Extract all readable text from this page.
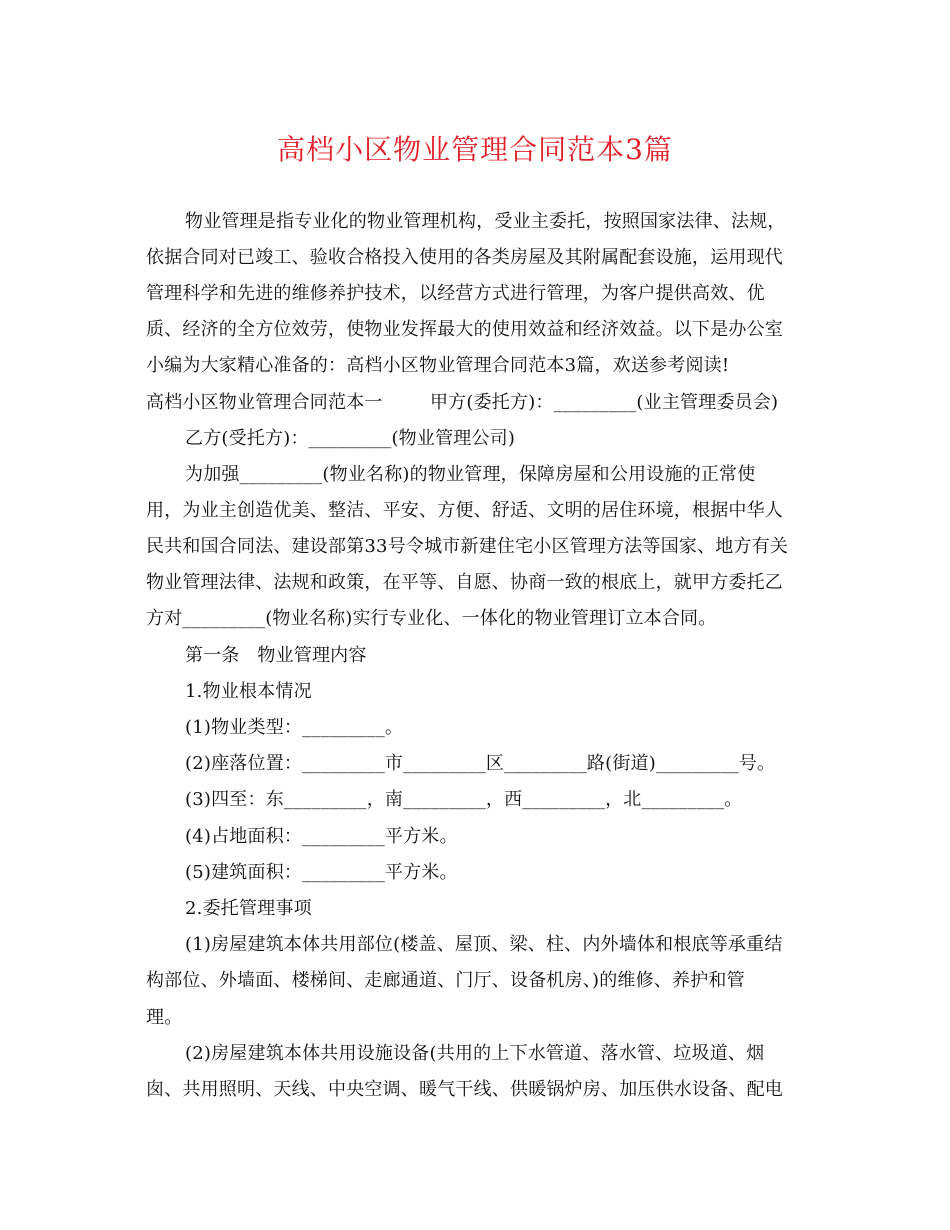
高档小区物业管理合同范本3篇
物业管理是指专业化的物业管理机构，受业主委托，按照国家法律、法规，
依据合同对已竣工、验收合格投入使用的各类房屋及其附属配套设施，运用现代
管理科学和先进的维修养护技术，以经营方式进行管理，为客户提供高效、优
质、经济的全方位效劳，使物业发挥最大的使用效益和经济效益。以下是办公室
小编为大家精心准备的：高档小区物业管理合同范本3篇，欢送参考阅读!
高档小区物业管理合同范本一        甲方(委托方)：_________(业主管理委员会)
乙方(受托方)：_________(物业管理公司)
为加强_________(物业名称)的物业管理，保障房屋和公用设施的正常使
用，为业主创造优美、整洁、平安、方便、舒适、文明的居住环境，根据中华人
民共和国合同法、建设部第33号令城市新建住宅小区管理方法等国家、地方有关
物业管理法律、法规和政策，在平等、自愿、协商一致的根底上，就甲方委托乙
方对_________(物业名称)实行专业化、一体化的物业管理订立本合同。
第一条   物业管理内容
1.物业根本情况
(1)物业类型：_________。
(2)座落位置：_________市_________区_________路(街道)_________号。
(3)四至：东_________，南_________，西_________，北_________。
(4)占地面积：_________平方米。
(5)建筑面积：_________平方米。
2.委托管理事项
(1)房屋建筑本体共用部位(楼盖、屋顶、梁、柱、内外墙体和根底等承重结
构部位、外墙面、楼梯间、走廊通道、门厅、设备机房、)的维修、养护和管
理。
(2)房屋建筑本体共用设施设备(共用的上下水管道、落水管、垃圾道、烟
囱、共用照明、天线、中央空调、暖气干线、供暖锅炉房、加压供水设备、配电
